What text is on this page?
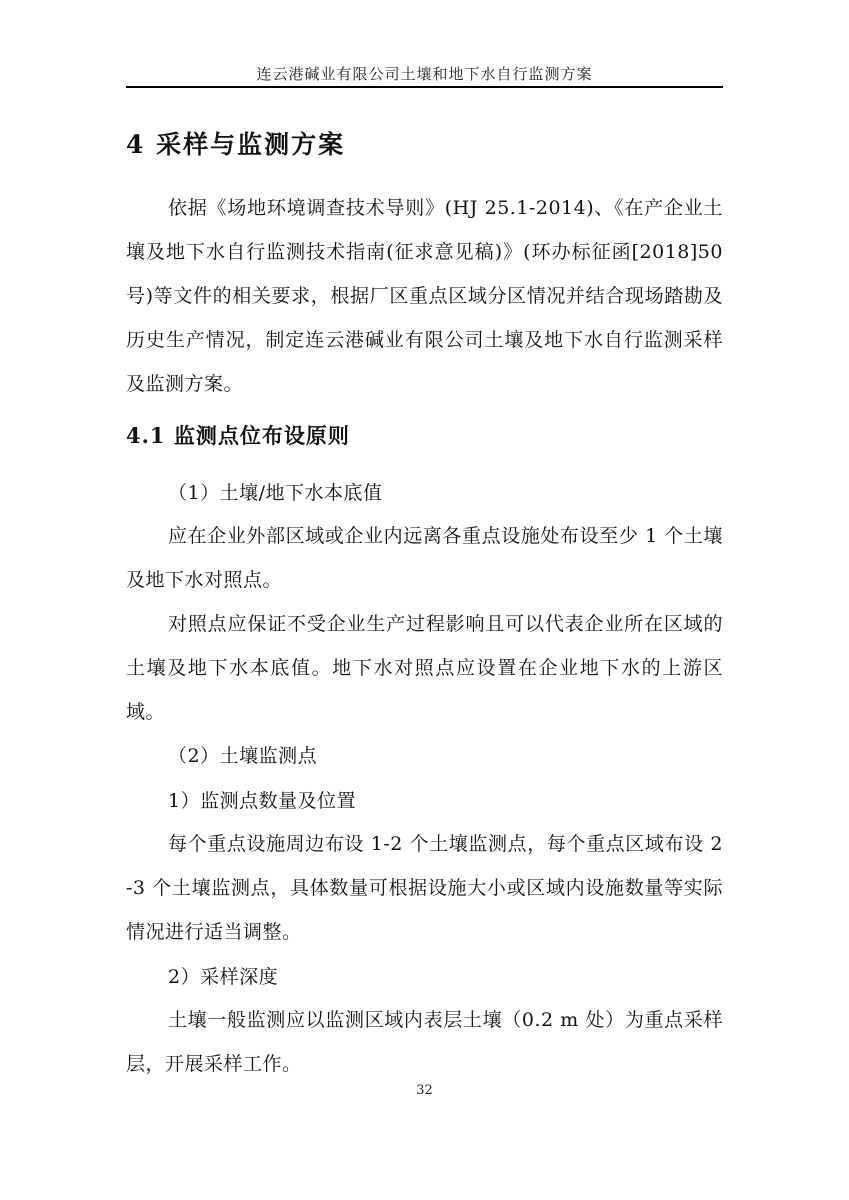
连云港碱业有限公司土壤和地下水自行监测方案
4 采样与监测方案

依据《场地环境调查技术导则》(HJ 25.1-2014)、《在产企业土壤及地下水自行监测技术指南(征求意见稿)》(环办标征函[2018]50号)等文件的相关要求，根据厂区重点区域分区情况并结合现场踏勘及历史生产情况，制定连云港碱业有限公司土壤及地下水自行监测采样及监测方案。

4.1 监测点位布设原则
（1）土壤/地下水本底值

应在企业外部区域或企业内远离各重点设施处布设至少 1 个土壤及地下水对照点。

对照点应保证不受企业生产过程影响且可以代表企业所在区域的土壤及地下水本底值。地下水对照点应设置在企业地下水的上游区域。

（2）土壤监测点
1）监测点数量及位置

每个重点设施周边布设 1-2 个土壤监测点，每个重点区域布设 2-3 个土壤监测点，具体数量可根据设施大小或区域内设施数量等实际情况进行适当调整。

2）采样深度

土壤一般监测应以监测区域内表层土壤（0.2 m 处）为重点采样层，开展采样工作。

32
